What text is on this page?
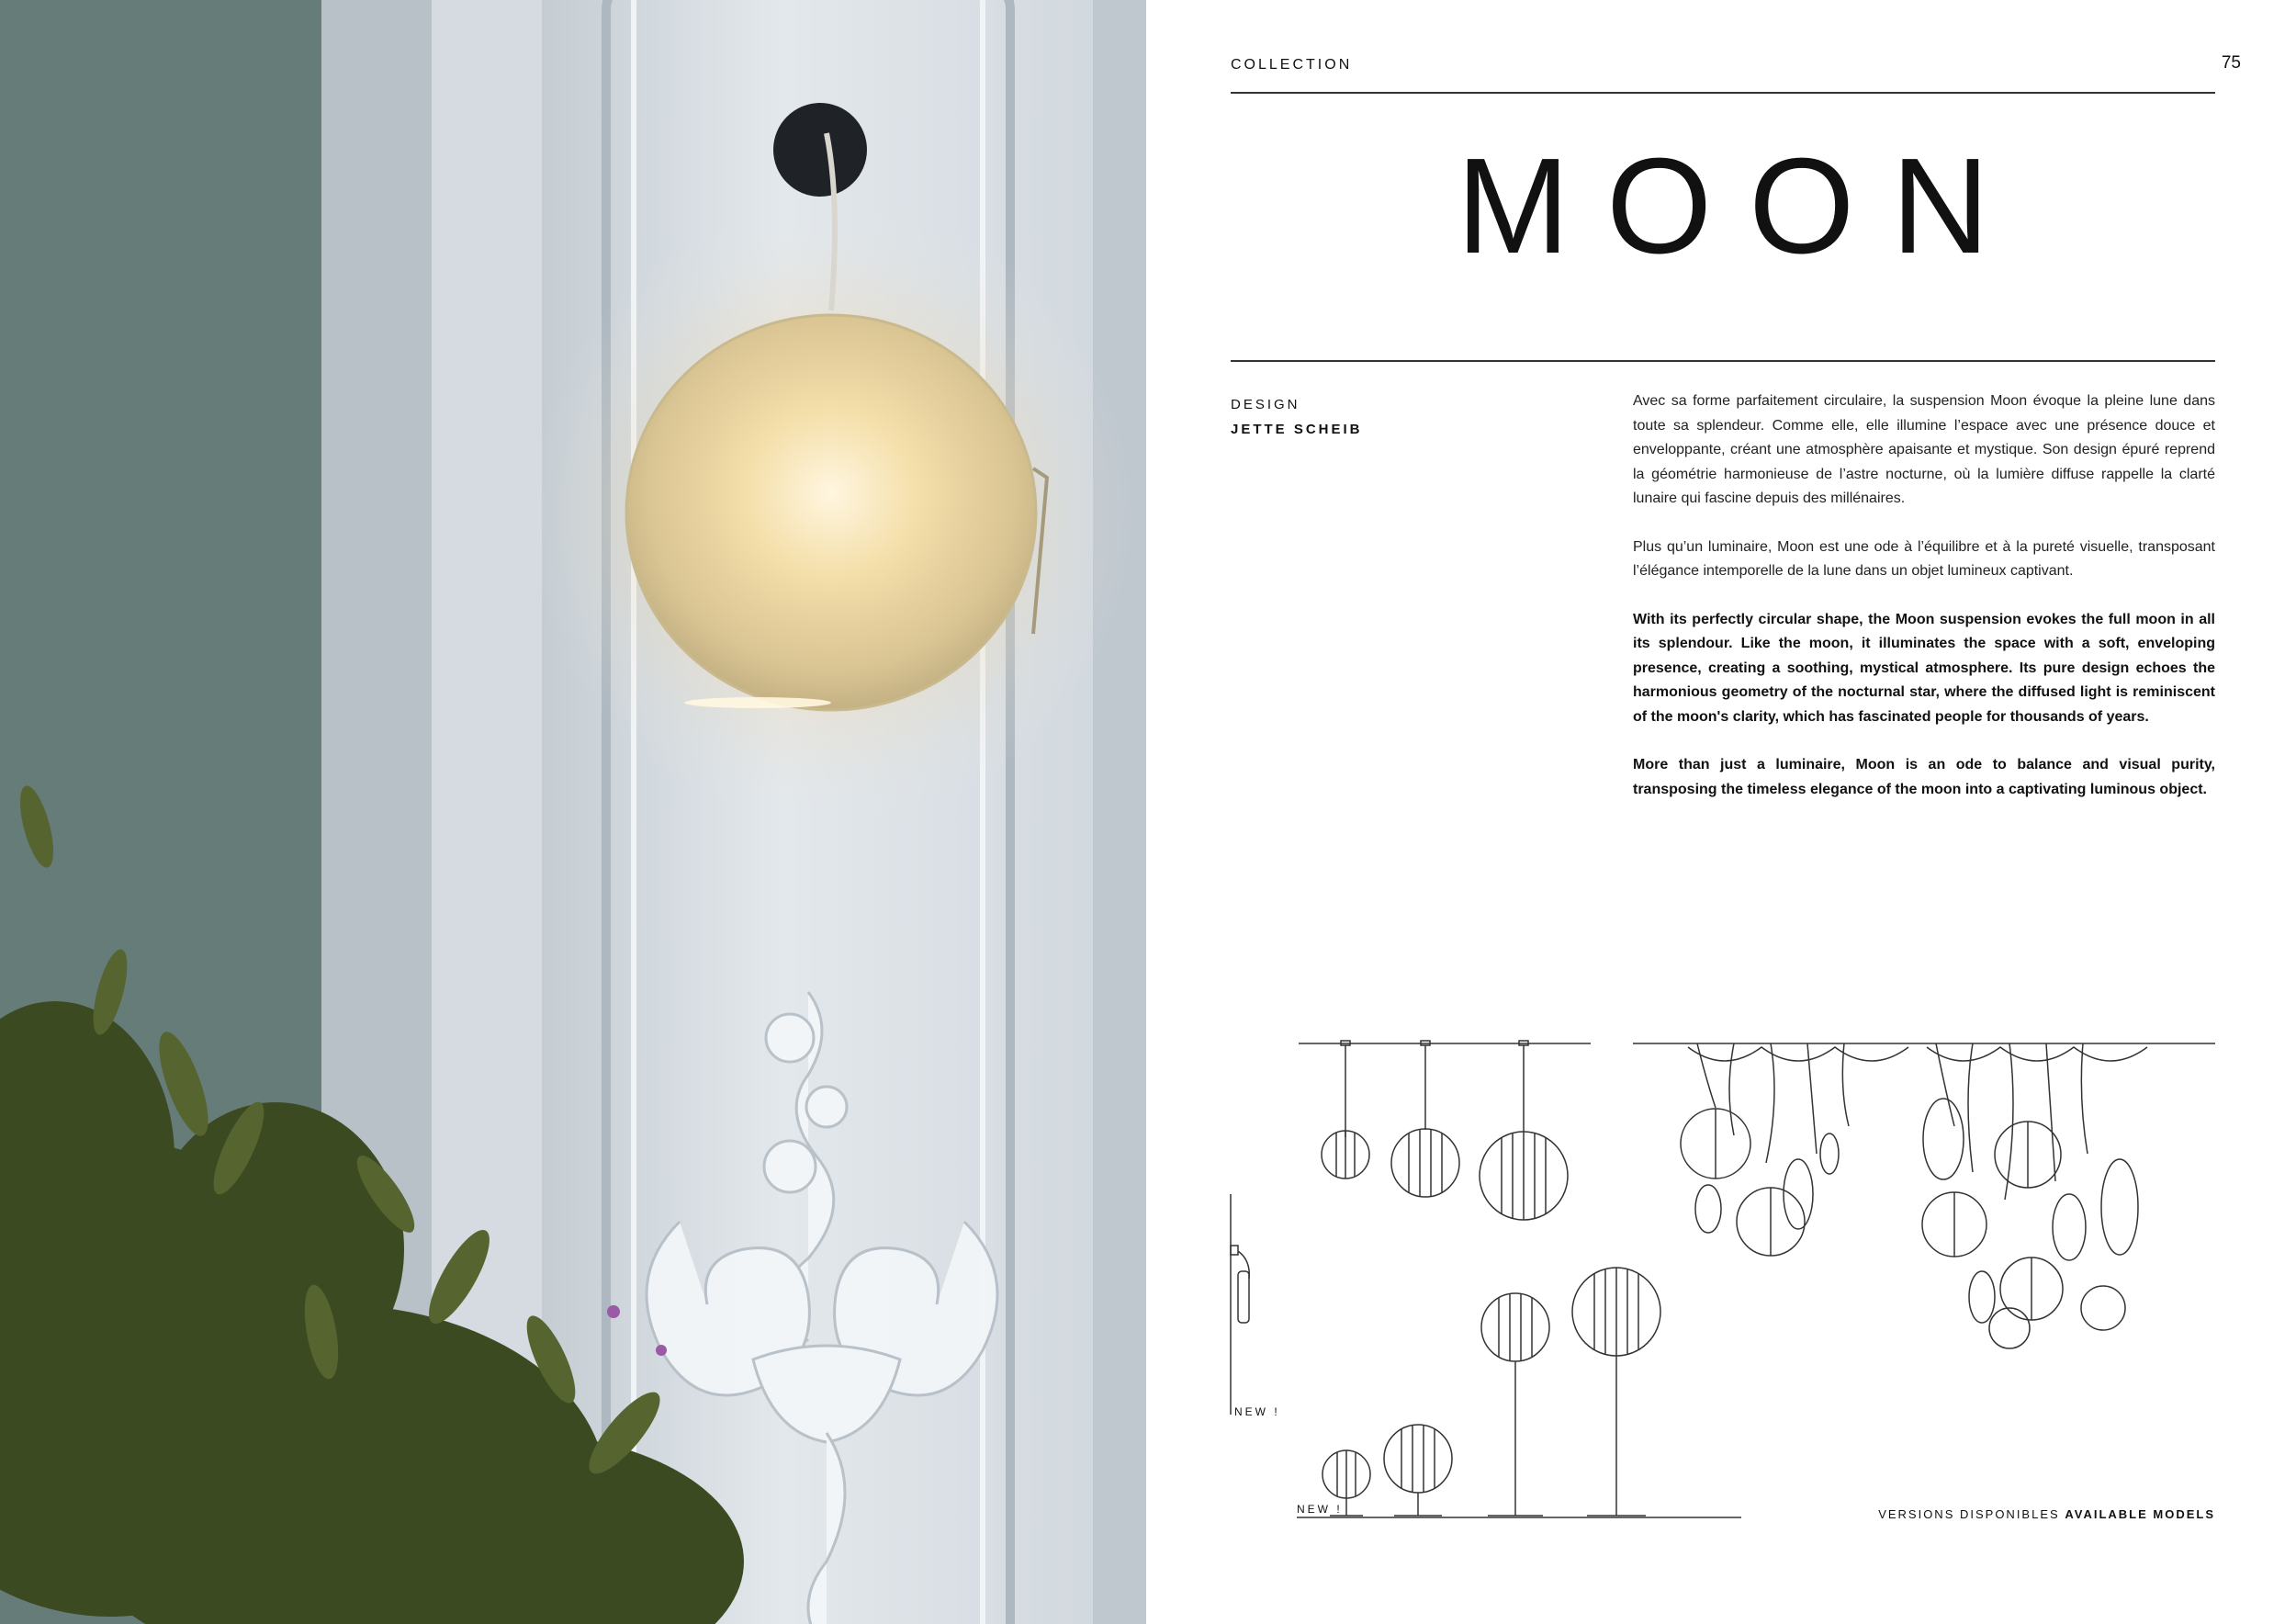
COLLECTION	75
MOON
DESIGN
JETTE SCHEIB

Avec sa forme parfaitement circulaire, la suspension Moon évoque la pleine lune dans toute sa splendeur. Comme elle, elle illumine l’espace avec une présence douce et enveloppante, créant une atmosphère apaisante et mystique. Son design épuré reprend la géométrie harmonieuse de l’astre nocturne, où la lumière diffuse rappelle la clarté lunaire qui fascine depuis des millénaires.

Plus qu’un luminaire, Moon est une ode à l’équilibre et à la pureté visuelle, transposant l’élégance intemporelle de la lune dans un objet lumineux captivant.

With its perfectly circular shape, the Moon suspension evokes the full moon in all its splendour. Like the moon, it illuminates the space with a soft, enveloping presence, creating a soothing, mystical atmosphere. Its pure design echoes the harmonious geometry of the nocturnal star, where the diffused light is reminiscent of the moon's clarity, which has fascinated people for thousands of years.

More than just a luminaire, Moon is an ode to balance and visual purity, transposing the timeless elegance of the moon into a captivating luminous object.

NEW !
NEW !	VERSIONS DISPONIBLES AVAILABLE MODELS
